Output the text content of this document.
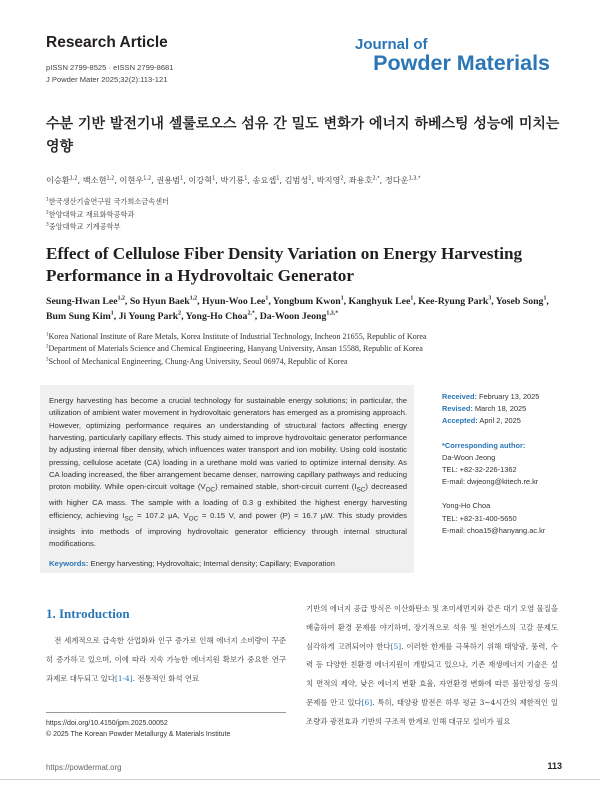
Research Article
pISSN 2799-8525 · eISSN 2799-8681
J Powder Mater 2025;32(2):113-121
Journal of
Powder Materials
수분 기반 발전기내 셀룰로오스 섬유 간 밀도 변화가 에너지 하베스팅 성능에 미치는 영향
이승환$^{1,2}$, 백소현$^{1,2}$, 이현우$^{1,2}$, 권용범$^1$, 이강혁$^1$, 박기룡$^1$, 송요셉$^1$, 김범성$^1$, 박지영$^2$, 좌용호$^{2,*}$, 정다운$^{1,3,*}$
$^1$한국생산기술연구원 국가희소금속센터
$^2$한양대학교 재료화학공학과
$^3$중앙대학교 기계공학부
Effect of Cellulose Fiber Density Variation on Energy Harvesting Performance in a Hydrovoltaic Generator
Seung-Hwan Lee$^{1,2}$, So Hyun Baek$^{1,2}$, Hyun-Woo Lee$^1$, Yongbum Kwon$^1$, Kanghyuk Lee$^1$, Kee-Ryung Park$^3$, Yoseb Song$^1$, Bum Sung Kim$^1$, Ji Young Park$^2$, Yong-Ho Choa$^{2,*}$, Da-Woon Jeong$^{1,3,*}$
$^1$Korea National Institute of Rare Metals, Korea Institute of Industrial Technology, Incheon 21655, Republic of Korea
$^2$Department of Materials Science and Chemical Engineering, Hanyang University, Ansan 15588, Republic of Korea
$^3$School of Mechanical Engineering, Chung-Ang University, Seoul 06974, Republic of Korea
Energy harvesting has become a crucial technology for sustainable energy solutions; in particular, the utilization of ambient water movement in hydrovoltaic generators has emerged as a promising approach. However, optimizing performance requires an understanding of structural factors affecting energy harvesting, particularly capillary effects. This study aimed to improve hydrovoltaic generator performance by adjusting internal fiber density, which influences water transport and ion mobility. Using cold isostatic pressing, cellulose acetate (CA) loading in a urethane mold was varied to optimize internal density. As CA loading increased, the fiber arrangement became denser, narrowing capillary pathways and reducing proton mobility. While open-circuit voltage $(V_{OC})$ remained stable, short-circuit current $(I_{SC})$ decreased with higher CA mass. The sample with a loading of 0.3 g exhibited the highest energy harvesting efficiency, achieving $I_{SC} = 107.2$ μA, $V_{OC} = 0.15$ V, and power (P) = 16.7 μW. This study provides insights into methods of improving hydrovoltaic generator efficiency through internal structural modifications.
Keywords: Energy harvesting; Hydrovoltaic; Internal density; Capillary; Evaporation
Received: February 13, 2025
Revised: March 18, 2025
Accepted: April 2, 2025
*Corresponding author:
Da-Woon Jeong
TEL: +82-32-226-1362
E-mail: dwjeong@kitech.re.kr
Yong-Ho Choa
TEL: +82-31-400-5650
E-mail: choa15@hanyang.ac.kr
1. Introduction
전 세계적으로 급속한 산업화와 인구 증가로 인해 에너지 소비량이 꾸준히 증가하고 있으며, 이에 따라 지속 가능한 에너지원 확보가 중요한 연구 과제로 대두되고 있다[1-4]. 전통적인 화석 연료
기반의 에너지 공급 방식은 이산화탄소 및 초미세먼지와 같은 대기 오염 물질을 배출하여 환경 문제를 야기하며, 장기적으로 석유 및 천연가스의 고갈 문제도 심각하게 고려되어야 한다[5]. 이러한 한계를 극복하기 위해 태양광, 풍력, 수력 등 다양한 친환경 에너지원이 개발되고 있으나, 기존 재생에너지 기술은 설치 면적의 제약, 낮은 에너지 변환 효율, 자연환경 변화에 따른 불안정성 등의 문제를 안고 있다[6]. 특히, 태양광 발전은 하루 평균 3~4시간의 제한적인 일조량과 광전효과 기반의 구조적 한계로 인해 대규모 설비가 필요
https://doi.org/10.4150/jpm.2025.00052
© 2025 The Korean Powder Metallurgy & Materials Institute
https://powdermat.org	113
